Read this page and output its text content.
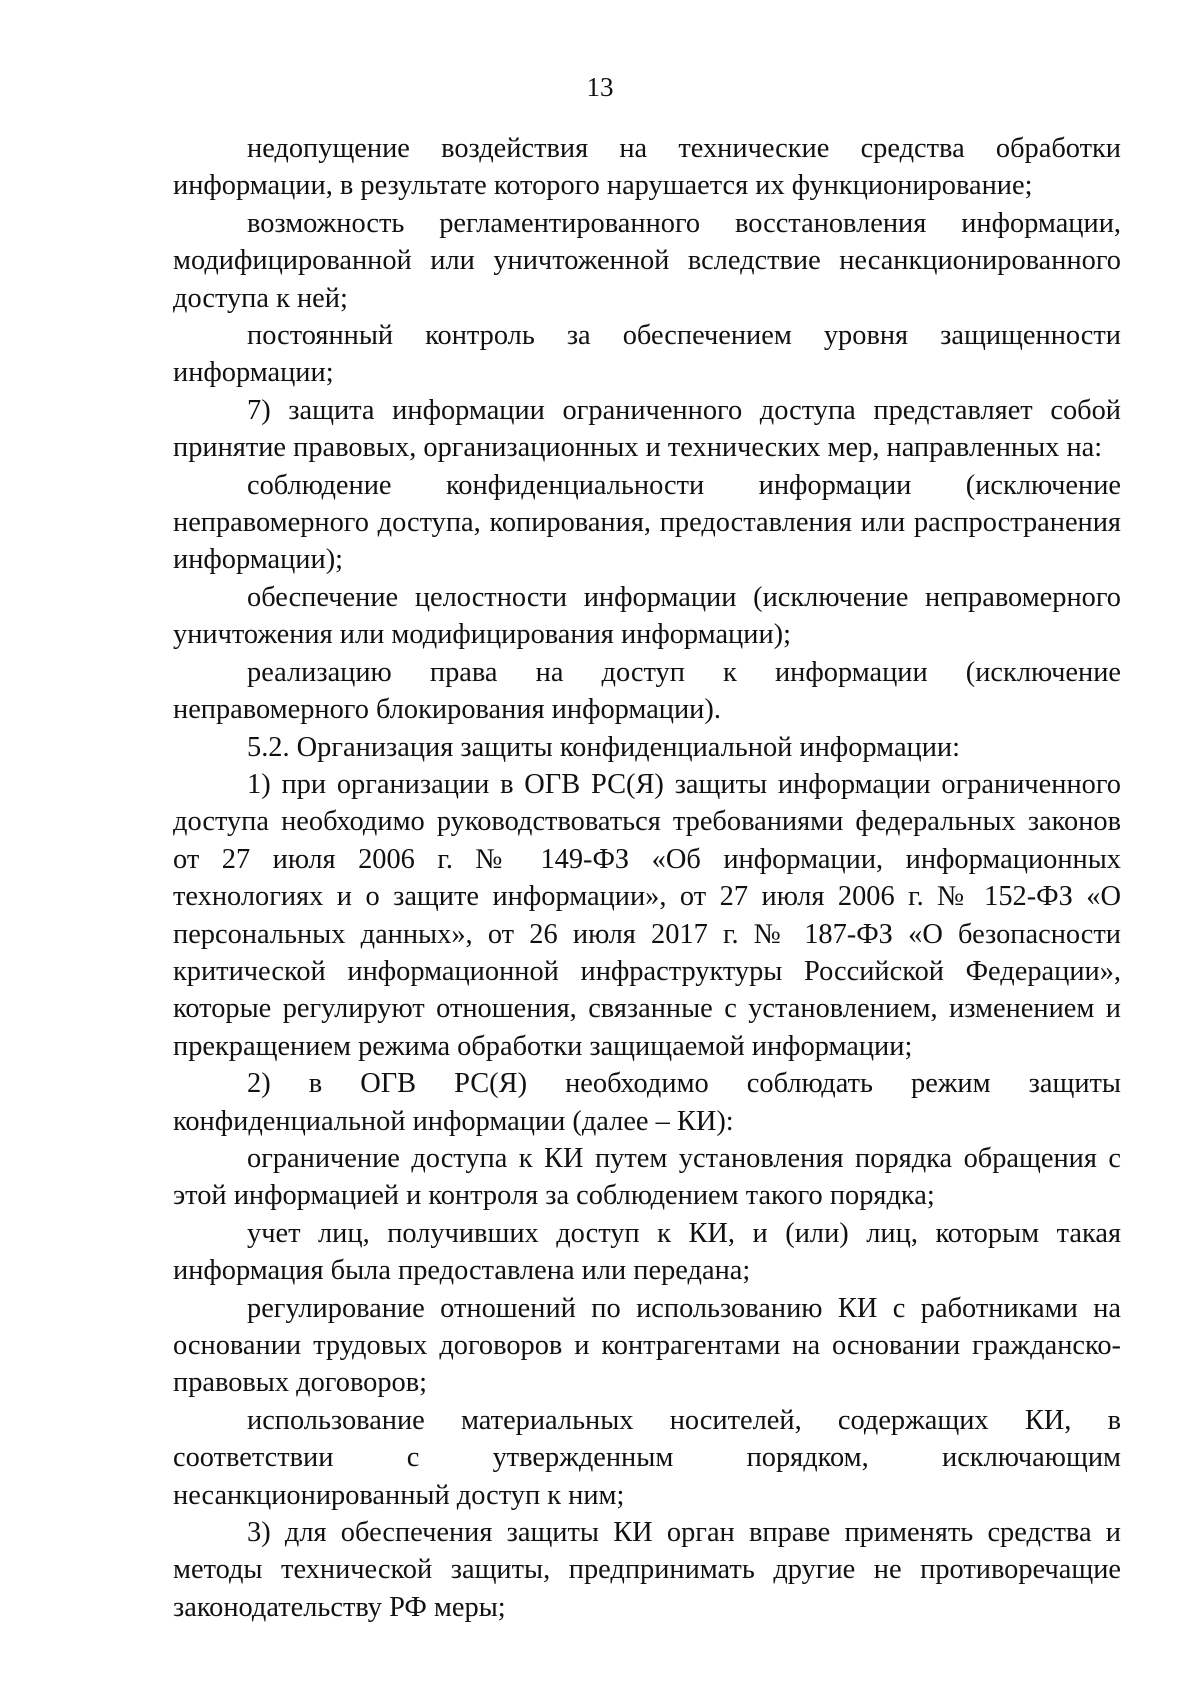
13

недопущение воздействия на технические средства обработки информации, в результате которого нарушается их функционирование;

возможность регламентированного восстановления информации, модифицированной или уничтоженной вследствие несанкционированного доступа к ней;

постоянный контроль за обеспечением уровня защищенности информации;

7) защита информации ограниченного доступа представляет собой принятие правовых, организационных и технических мер, направленных на:

соблюдение конфиденциальности информации (исключение неправомерного доступа, копирования, предоставления или распространения информации);

обеспечение целостности информации (исключение неправомерного уничтожения или модифицирования информации);

реализацию права на доступ к информации (исключение неправомерного блокирования информации).

5.2. Организация защиты конфиденциальной информации:

1) при организации в ОГВ РС(Я) защиты информации ограниченного доступа необходимо руководствоваться требованиями федеральных законов от 27 июля 2006 г. № 149-ФЗ «Об информации, информационных технологиях и о защите информации», от 27 июля 2006 г. № 152-ФЗ «О персональных данных», от 26 июля 2017 г. № 187-ФЗ «О безопасности критической информационной инфраструктуры Российской Федерации», которые регулируют отношения, связанные с установлением, изменением и прекращением режима обработки защищаемой информации;

2) в ОГВ РС(Я) необходимо соблюдать режим защиты конфиденциальной информации (далее – КИ):

ограничение доступа к КИ путем установления порядка обращения с этой информацией и контроля за соблюдением такого порядка;

учет лиц, получивших доступ к КИ, и (или) лиц, которым такая информация была предоставлена или передана;

регулирование отношений по использованию КИ с работниками на основании трудовых договоров и контрагентами на основании гражданско-правовых договоров;

использование материальных носителей, содержащих КИ, в соответствии с утвержденным порядком, исключающим несанкционированный доступ к ним;

3) для обеспечения защиты КИ орган вправе применять средства и методы технической защиты, предпринимать другие не противоречащие законодательству РФ меры;
